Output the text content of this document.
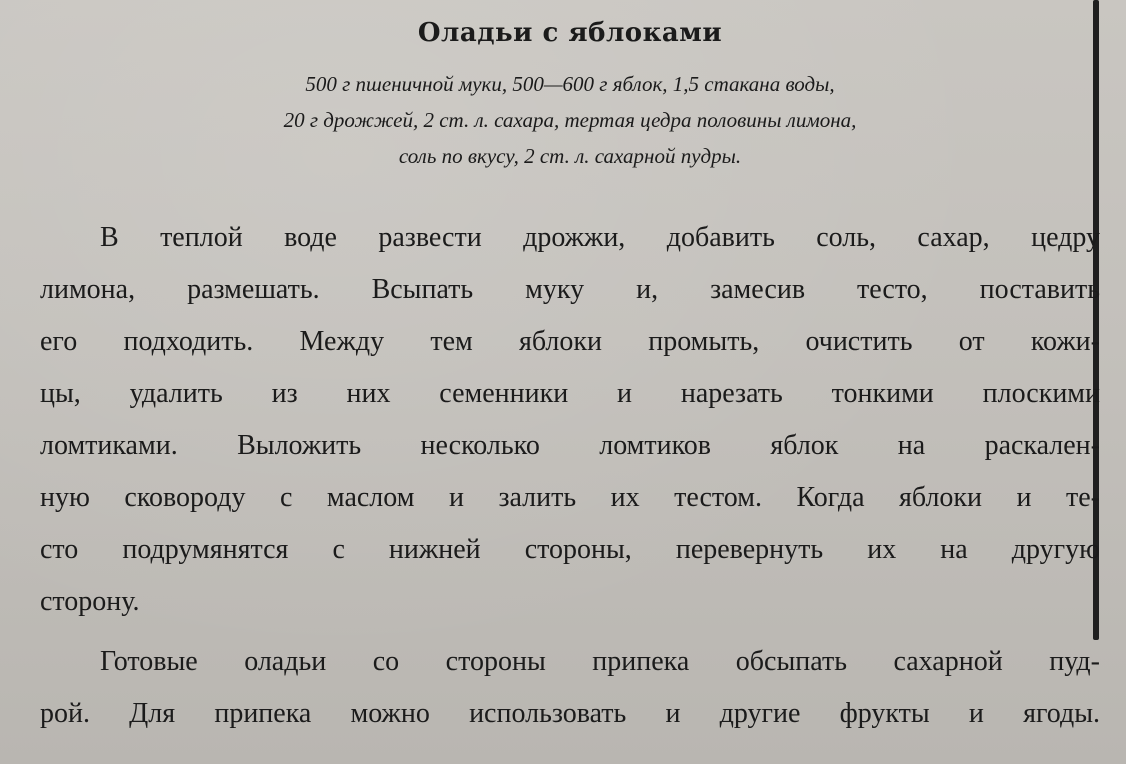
Оладьи с яблоками
500 г пшеничной муки, 500—600 г яблок, 1,5 стакана воды,
20 г дрожжей, 2 ст. л. сахара, тертая цедра половины лимона,
соль по вкусу, 2 ст. л. сахарной пудры.
В теплой воде развести дрожжи, добавить соль, сахар, цедру
лимона, размешать. Всыпать муку и, замесив тесто, поставить
его подходить. Между тем яблоки промыть, очистить от кожи-
цы, удалить из них семенники и нарезать тонкими плоскими
ломтиками. Выложить несколько ломтиков яблок на раскален-
ную сковороду с маслом и залить их тестом. Когда яблоки и те-
сто подрумянятся с нижней стороны, перевернуть их на другую
сторону.
Готовые оладьи со стороны припека обсыпать сахарной пуд-
рой. Для припека можно использовать и другие фрукты и ягоды.
